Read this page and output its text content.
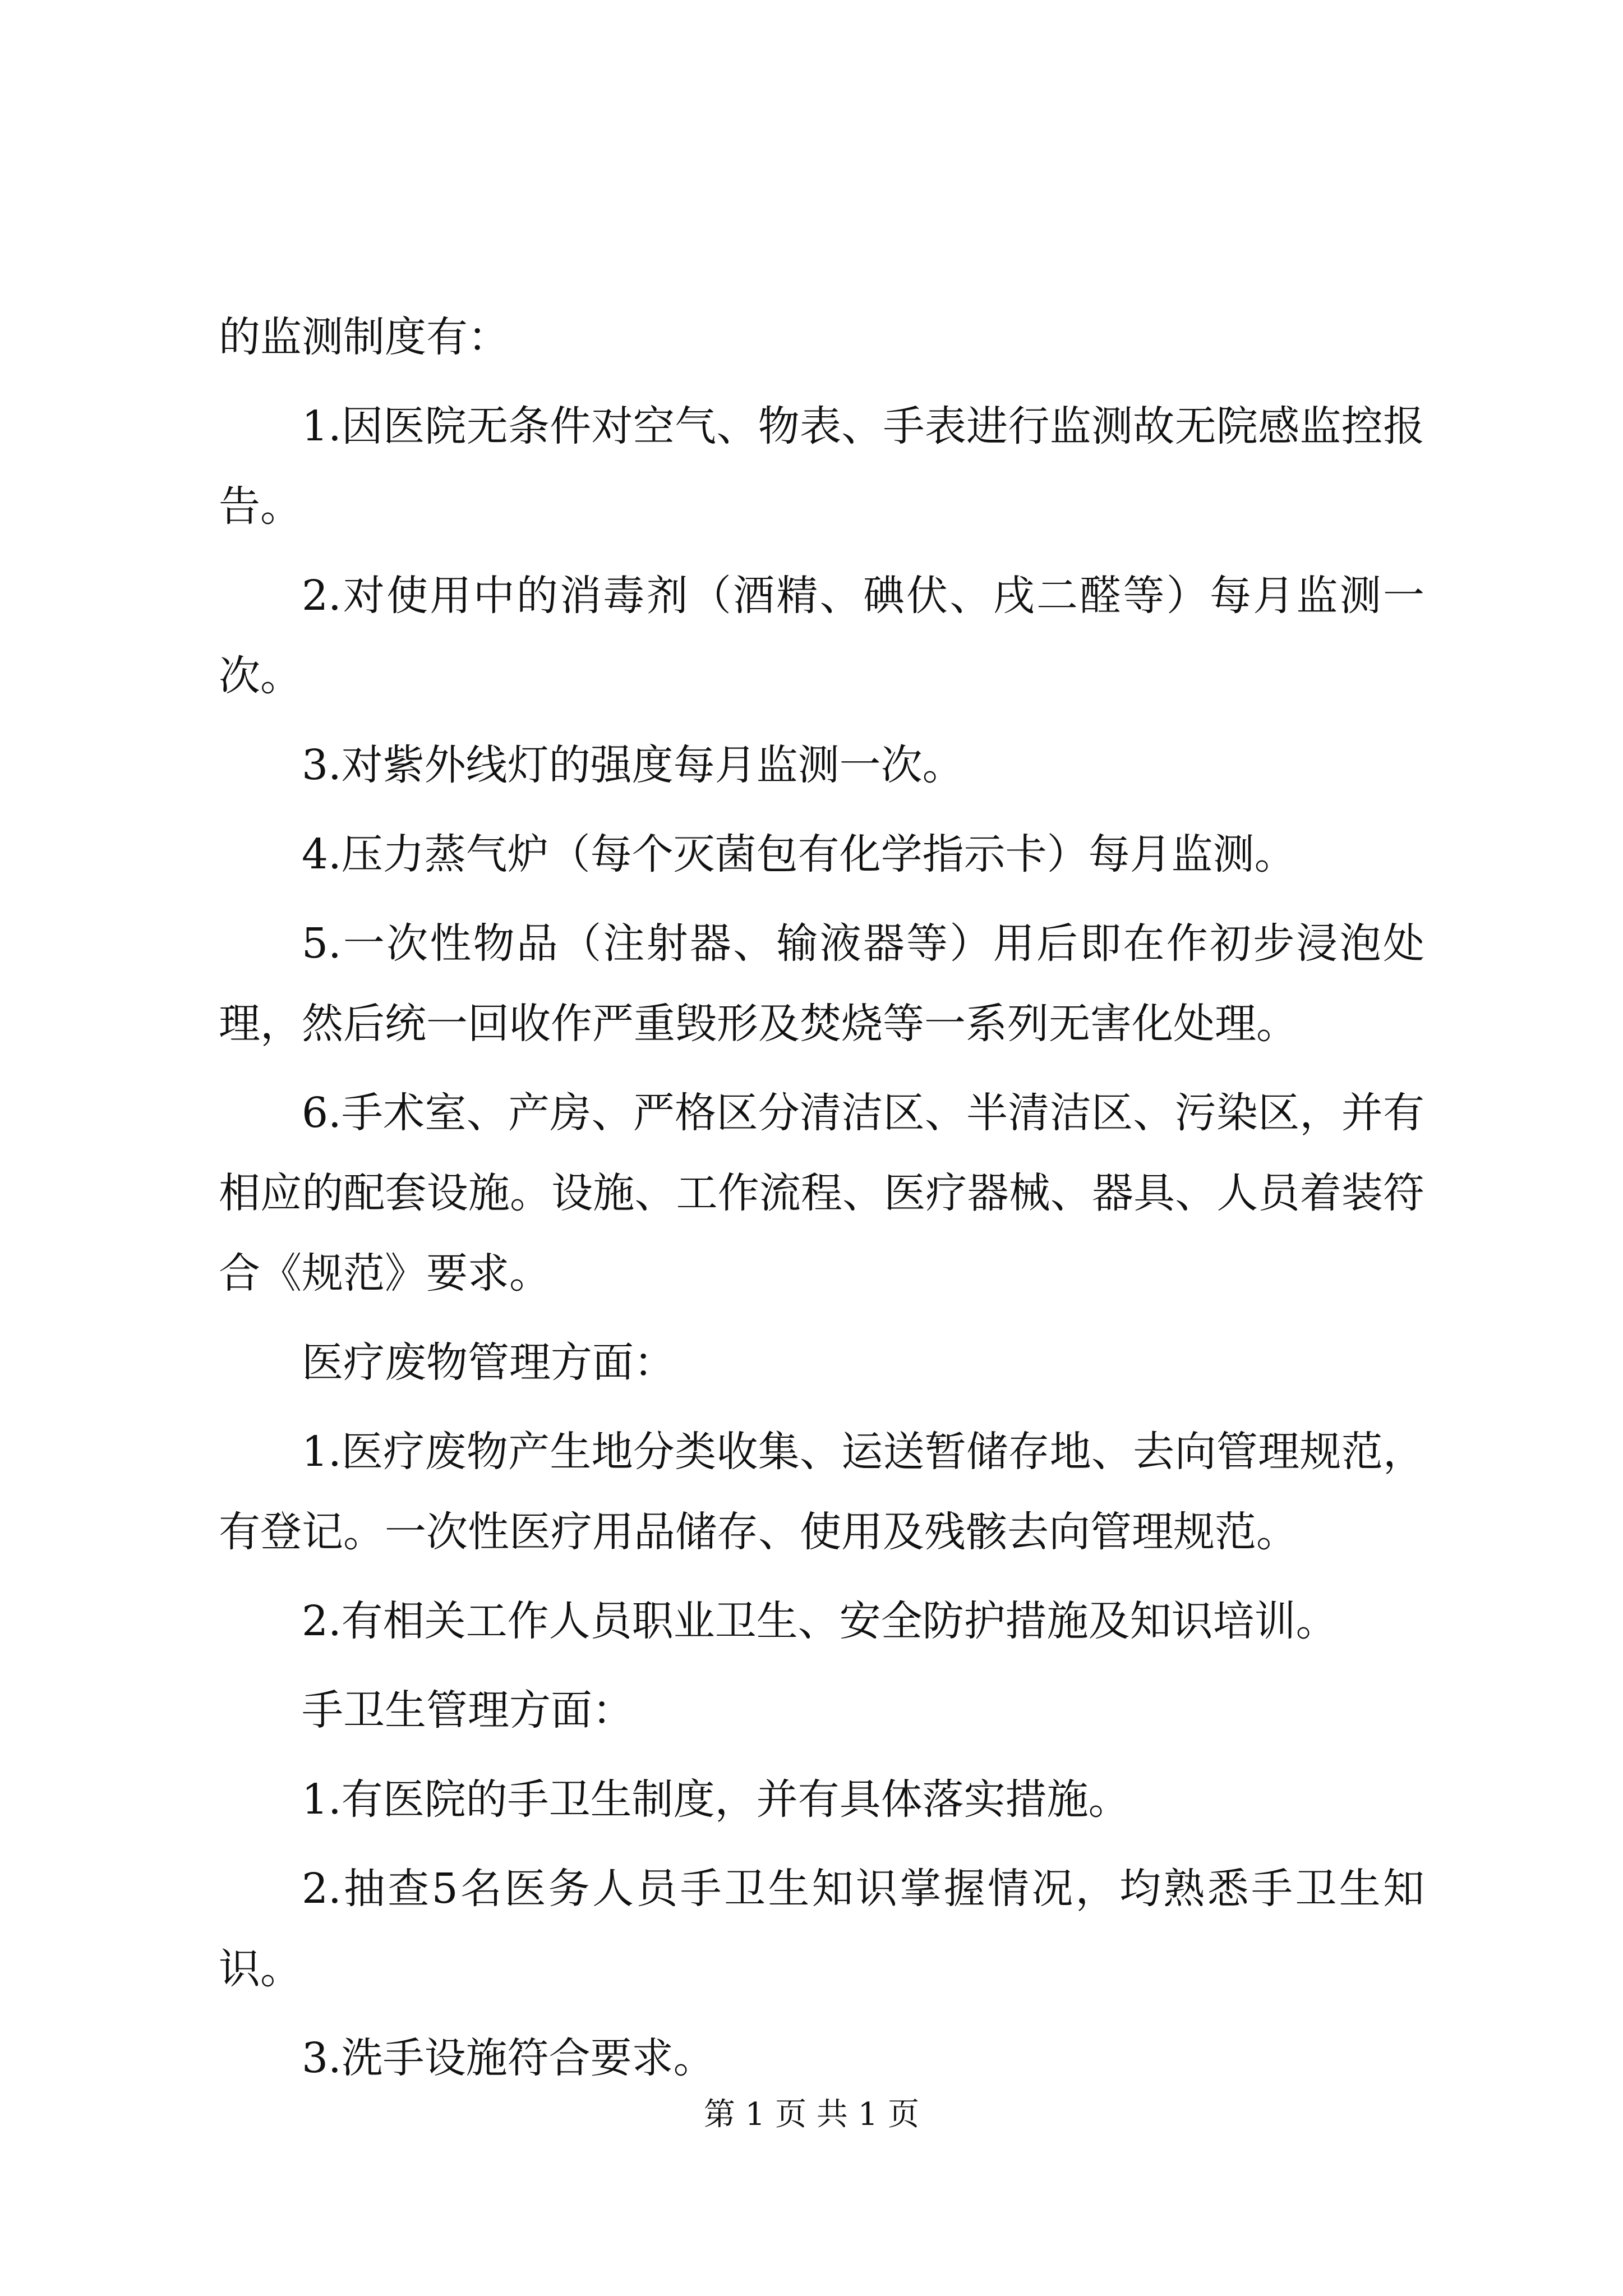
的监测制度有：

1.因医院无条件对空气、物表、手表进行监测故无院感监控报告。

2.对使用中的消毒剂（酒精、碘伏、戌二醛等）每月监测一次。

3.对紫外线灯的强度每月监测一次。

4.压力蒸气炉（每个灭菌包有化学指示卡）每月监测。

5.一次性物品（注射器、输液器等）用后即在作初步浸泡处理，然后统一回收作严重毁形及焚烧等一系列无害化处理。

6.手术室、产房、严格区分清洁区、半清洁区、污染区，并有相应的配套设施。设施、工作流程、医疗器械、器具、人员着装符合《规范》要求。

医疗废物管理方面：

1.医疗废物产生地分类收集、运送暂储存地、去向管理规范，有登记。一次性医疗用品储存、使用及残骸去向管理规范。

2.有相关工作人员职业卫生、安全防护措施及知识培训。

手卫生管理方面：

1.有医院的手卫生制度，并有具体落实措施。

2.抽查5名医务人员手卫生知识掌握情况，均熟悉手卫生知识。

3.洗手设施符合要求。

第 1 页 共 1 页
